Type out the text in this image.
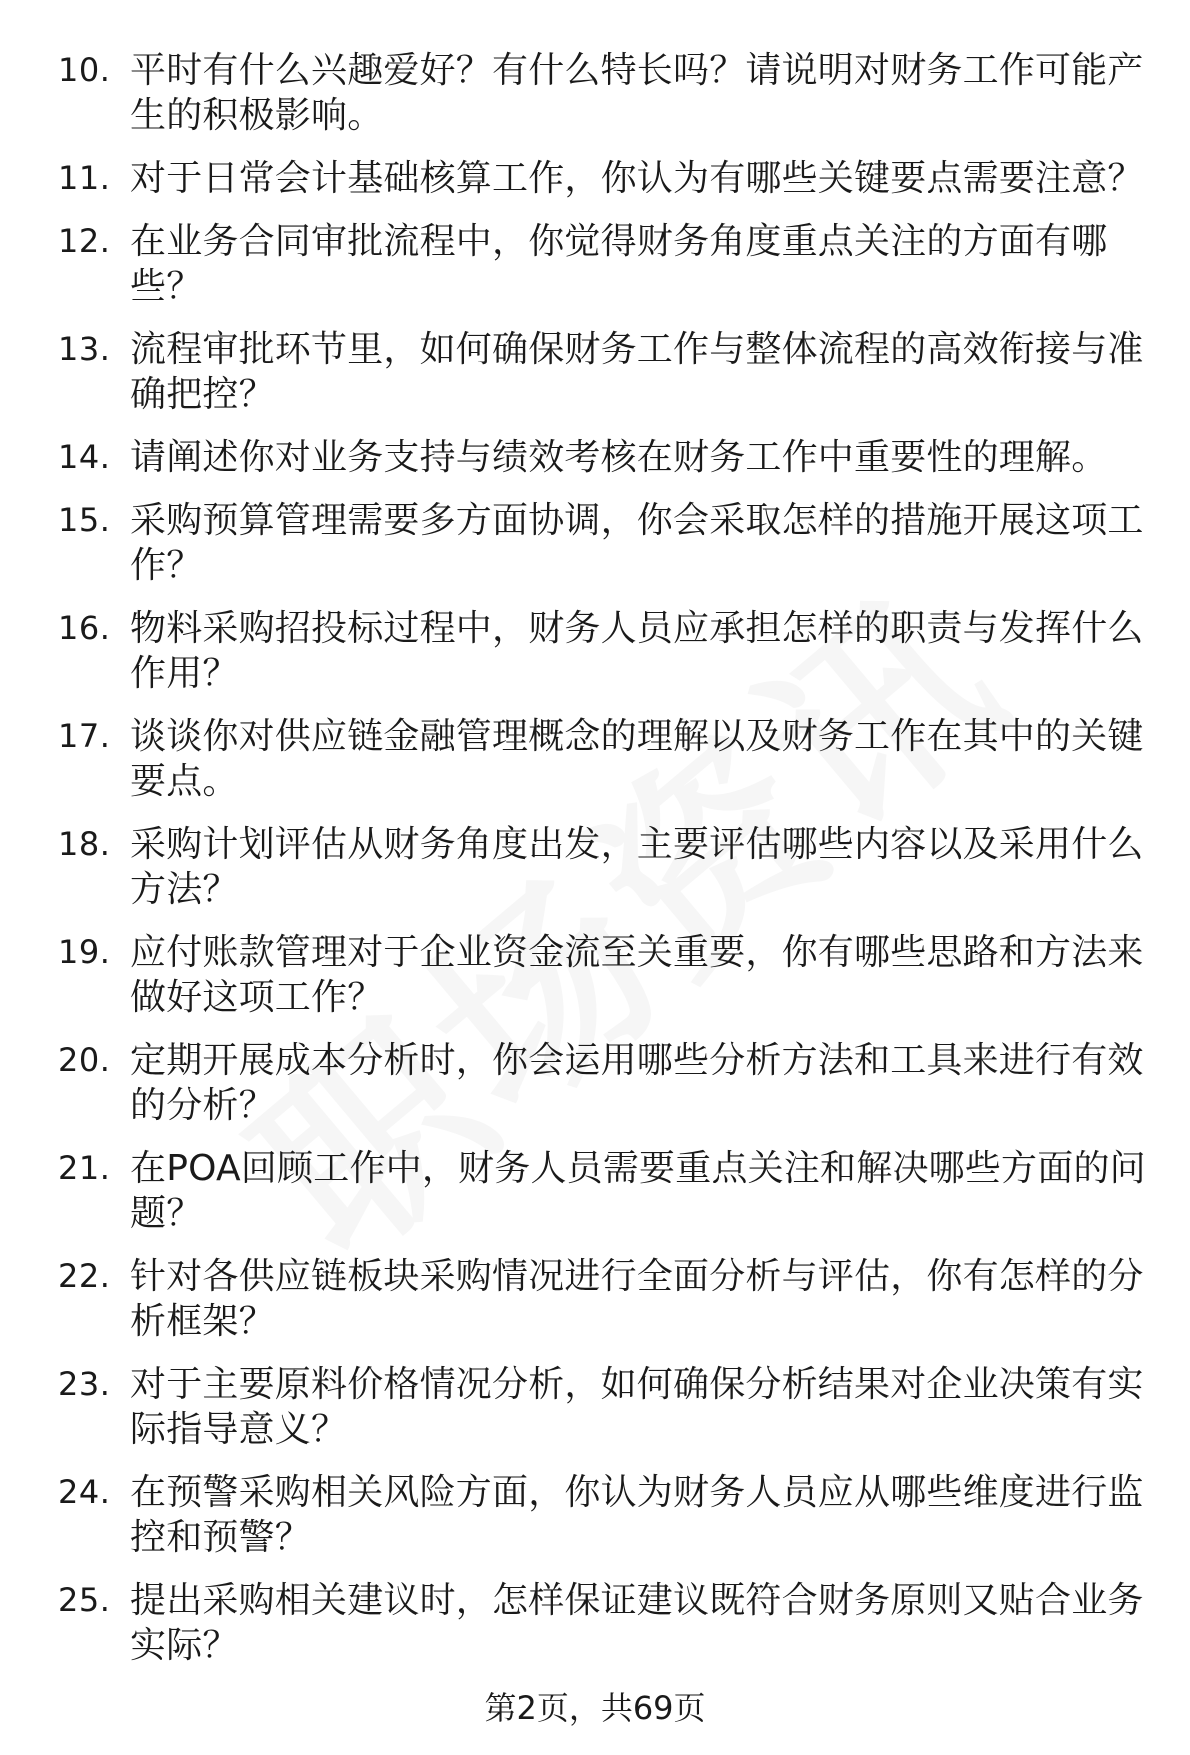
10. 平时有什么兴趣爱好？有什么特长吗？请说明对财务工作可能产生的积极影响。
11. 对于日常会计基础核算工作，你认为有哪些关键要点需要注意？
12. 在业务合同审批流程中，你觉得财务角度重点关注的方面有哪些？
13. 流程审批环节里，如何确保财务工作与整体流程的高效衔接与准确把控？
14. 请阐述你对业务支持与绩效考核在财务工作中重要性的理解。
15. 采购预算管理需要多方面协调，你会采取怎样的措施开展这项工作？
16. 物料采购招投标过程中，财务人员应承担怎样的职责与发挥什么作用？
17. 谈谈你对供应链金融管理概念的理解以及财务工作在其中的关键要点。
18. 采购计划评估从财务角度出发，主要评估哪些内容以及采用什么方法？
19. 应付账款管理对于企业资金流至关重要，你有哪些思路和方法来做好这项工作？
20. 定期开展成本分析时，你会运用哪些分析方法和工具来进行有效的分析？
21. 在POA回顾工作中，财务人员需要重点关注和解决哪些方面的问题？
22. 针对各供应链板块采购情况进行全面分析与评估，你有怎样的分析框架？
23. 对于主要原料价格情况分析，如何确保分析结果对企业决策有实际指导意义？
24. 在预警采购相关风险方面，你认为财务人员应从哪些维度进行监控和预警？
25. 提出采购相关建议时，怎样保证建议既符合财务原则又贴合业务实际？
第2页，共69页
